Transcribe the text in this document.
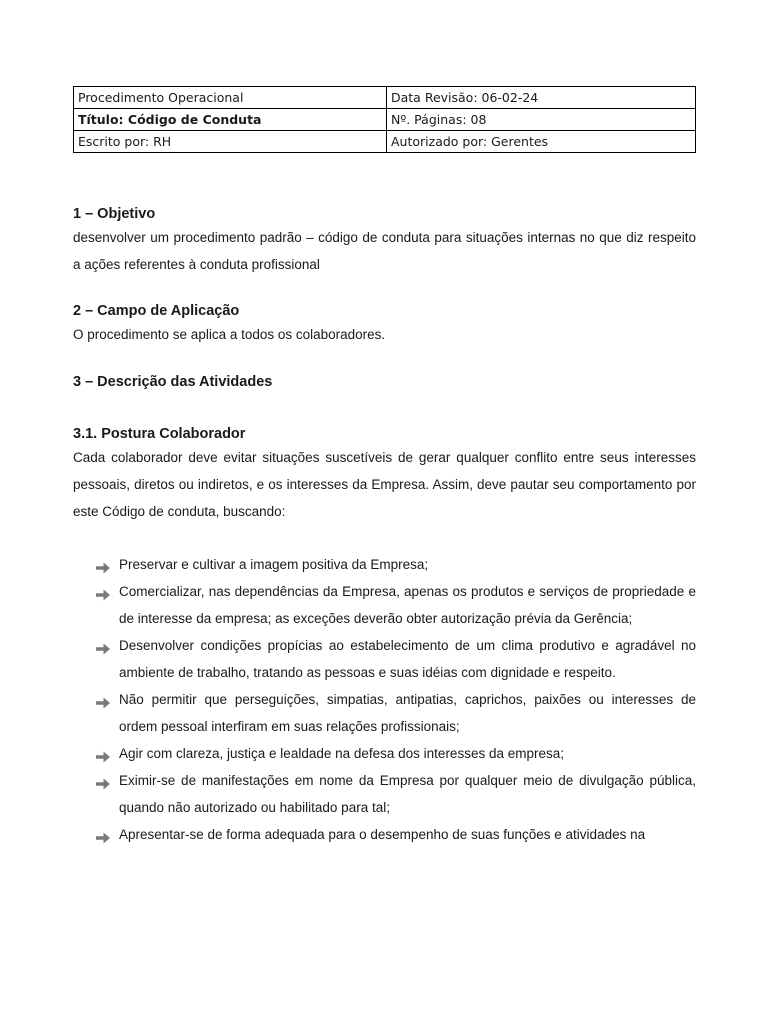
Procedimento Operacional	Data Revisão: 06-02-24
Título: Código de Conduta	Nº. Páginas: 08
Escrito por: RH	Autorizado por: Gerentes
1 – Objetivo

desenvolver um procedimento padrão – código de conduta para situações internas no que diz respeito a ações referentes à conduta profissional

2 – Campo de Aplicação

O procedimento se aplica a todos os colaboradores.

3 – Descrição das Atividades
3.1. Postura Colaborador

Cada colaborador deve evitar situações suscetíveis de gerar qualquer conflito entre seus interesses pessoais, diretos ou indiretos, e os interesses da Empresa. Assim, deve pautar seu comportamento por este Código de conduta, buscando:

Preservar e cultivar a imagem positiva da Empresa;
Comercializar, nas dependências da Empresa, apenas os produtos e serviços de propriedade e de interesse da empresa; as exceções deverão obter autorização prévia da Gerência;
Desenvolver condições propícias ao estabelecimento de um clima produtivo e agradável no ambiente de trabalho, tratando as pessoas e suas idéias com dignidade e respeito.
Não permitir que perseguições, simpatias, antipatias, caprichos, paixões ou interesses de ordem pessoal interfiram em suas relações profissionais;
Agir com clareza, justiça e lealdade na defesa dos interesses da empresa;
Eximir-se de manifestações em nome da Empresa por qualquer meio de divulgação pública, quando não autorizado ou habilitado para tal;
Apresentar-se de forma adequada para o desempenho de suas funções e atividades na
